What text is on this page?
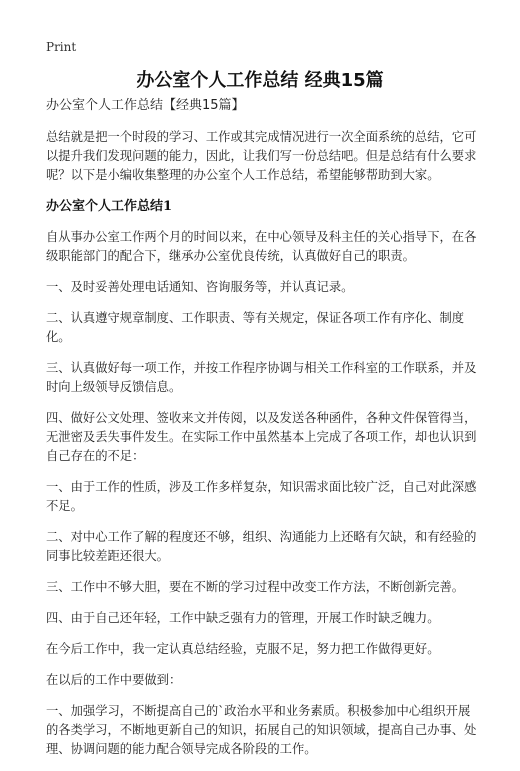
Print
办公室个人工作总结 经典15篇

办公室个人工作总结【经典15篇】

总结就是把一个时段的学习、工作或其完成情况进行一次全面系统的总结，它可以提升我们发现问题的能力，因此，让我们写一份总结吧。但是总结有什么要求呢？以下是小编收集整理的办公室个人工作总结，希望能够帮助到大家。

办公室个人工作总结1

自从事办公室工作两个月的时间以来，在中心领导及科主任的关心指导下，在各级职能部门的配合下，继承办公室优良传统，认真做好自己的职责。

一、及时妥善处理电话通知、咨询服务等，并认真记录。

二、认真遵守规章制度、工作职责、等有关规定，保证各项工作有序化、制度化。

三、认真做好每一项工作，并按工作程序协调与相关工作科室的工作联系，并及时向上级领导反馈信息。

四、做好公文处理、签收来文并传阅，以及发送各种函件，各种文件保管得当，无泄密及丢失事件发生。在实际工作中虽然基本上完成了各项工作，却也认识到自己存在的不足：

一、由于工作的性质，涉及工作多样复杂，知识需求面比较广泛，自己对此深感不足。

二、对中心工作了解的程度还不够，组织、沟通能力上还略有欠缺，和有经验的同事比较差距还很大。

三、工作中不够大胆，要在不断的学习过程中改变工作方法，不断创新完善。

四、由于自己还年轻，工作中缺乏强有力的管理，开展工作时缺乏魄力。

在今后工作中，我一定认真总结经验，克服不足，努力把工作做得更好。

在以后的工作中要做到：

一、加强学习，不断提高自己的`政治水平和业务素质。积极参加中心组织开展的各类学习，不断地更新自己的知识，拓展自己的知识领域，提高自己办事、处理、协调问题的能力配合领导完成各阶段的工作。
